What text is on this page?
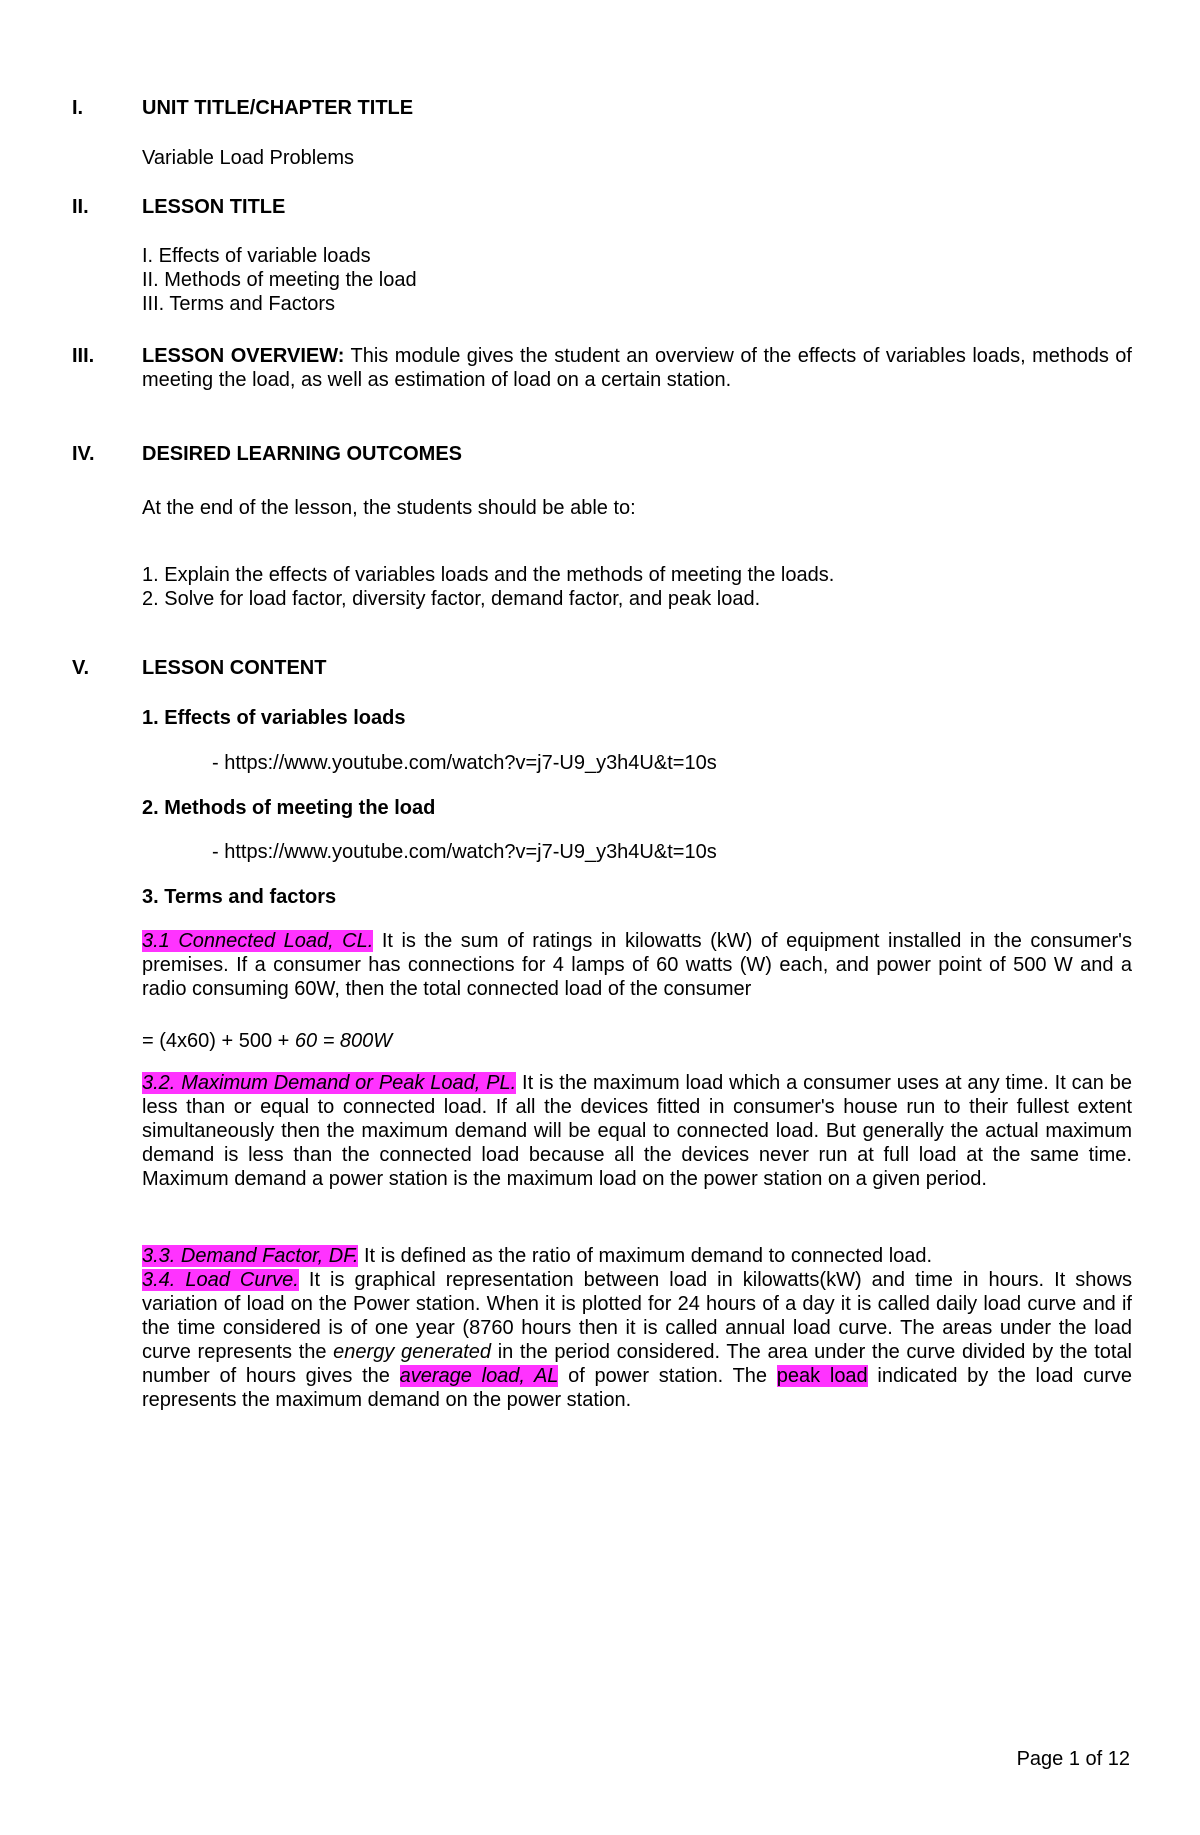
I.	UNIT TITLE/CHAPTER TITLE
Variable Load Problems
II.	LESSON TITLE
I. Effects of variable loads
II. Methods of meeting the load
III. Terms and Factors
III. LESSON OVERVIEW: This module gives the student an overview of the effects of variables loads, methods of meeting the load, as well as estimation of load on a certain station.
IV. DESIRED LEARNING OUTCOMES
At the end of the lesson, the students should be able to:
1. Explain the effects of variables loads and the methods of meeting the loads.
2. Solve for load factor, diversity factor, demand factor, and peak load.
V.	LESSON CONTENT
1. Effects of variables loads
- https://www.youtube.com/watch?v=j7-U9_y3h4U&t=10s
2. Methods of meeting the load
- https://www.youtube.com/watch?v=j7-U9_y3h4U&t=10s
3. Terms and factors
3.1 Connected Load, CL. It is the sum of ratings in kilowatts (kW) of equipment installed in the consumer's premises. If a consumer has connections for 4 lamps of 60 watts (W) each, and power point of 500 W and a radio consuming 60W, then the total connected load of the consumer
= (4x60) + 500 + 60 = 800W
3.2. Maximum Demand or Peak Load, PL. It is the maximum load which a consumer uses at any time. It can be less than or equal to connected load. If all the devices fitted in consumer's house run to their fullest extent simultaneously then the maximum demand will be equal to connected load. But generally the actual maximum demand is less than the connected load because all the devices never run at full load at the same time. Maximum demand a power station is the maximum load on the power station on a given period.
3.3. Demand Factor, DF. It is defined as the ratio of maximum demand to connected load.
3.4. Load Curve. It is graphical representation between load in kilowatts(kW) and time in hours. It shows variation of load on the Power station. When it is plotted for 24 hours of a day it is called daily load curve and if the time considered is of one year (8760 hours then it is called annual load curve. The areas under the load curve represents the energy generated in the period considered. The area under the curve divided by the total number of hours gives the average load, AL of power station. The peak load indicated by the load curve represents the maximum demand on the power station.
Page 1 of 12
